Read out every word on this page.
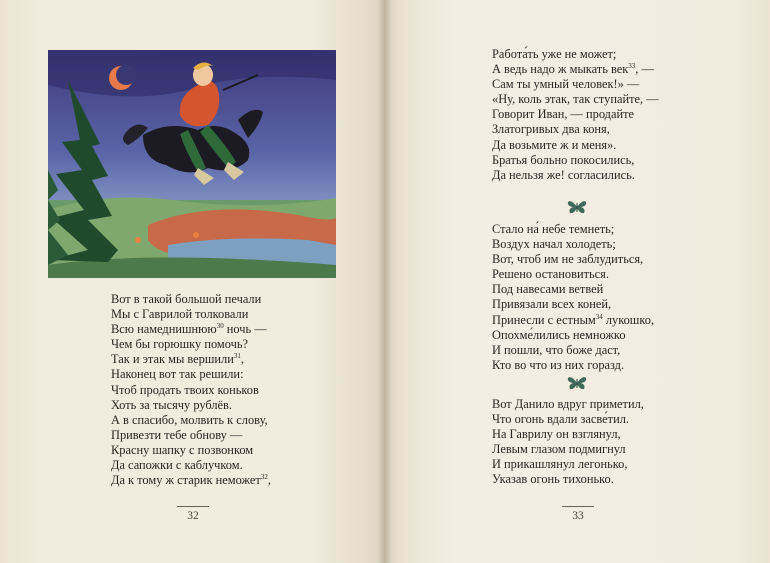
Вот в такой большой печали
Мы с Гаврилой толковали
Всю намеднишнюю$^{30}$ ночь —
Чем бы горюшку помочь?
Так и этак мы вершили$^{31}$,
Наконец вот так решили:
Чтоб продать твоих коньков
Хоть за тысячу рублёв.
А в спасибо, молвить к слову,
Привезти тебе обнову —
Красну шапку с позвонком
Да сапожки с каблучком.
Да к тому ж старик неможет$^{32}$,
32
Работа́ть уже не может;
А ведь надо ж мыкать век$^{33}$, —
Сам ты умный человек!» —
«Ну, коль этак, так ступайте, —
Говорит Иван, — продайте
Златогривых два коня,
Да возьмите ж и меня».
Братья больно покосились,
Да нельзя же! согласились.
Стало на́ небе темнеть;
Воздух начал холодеть;
Вот, чтоб им не заблудиться,
Решено остановиться.
Под навесами ветвей
Привязали всех коней,
Принесли с естным$^{34}$ лукошко,
Опохме́лились немножко
И пошли, что боже даст,
Кто во что из них горазд.
Вот Данило вдруг приметил,
Что огонь вдали засве́тил.
На Гаврилу он взглянул,
Левым глазом подмигнул
И прикашлянул легонько,
Указав огонь тихонько.
33
